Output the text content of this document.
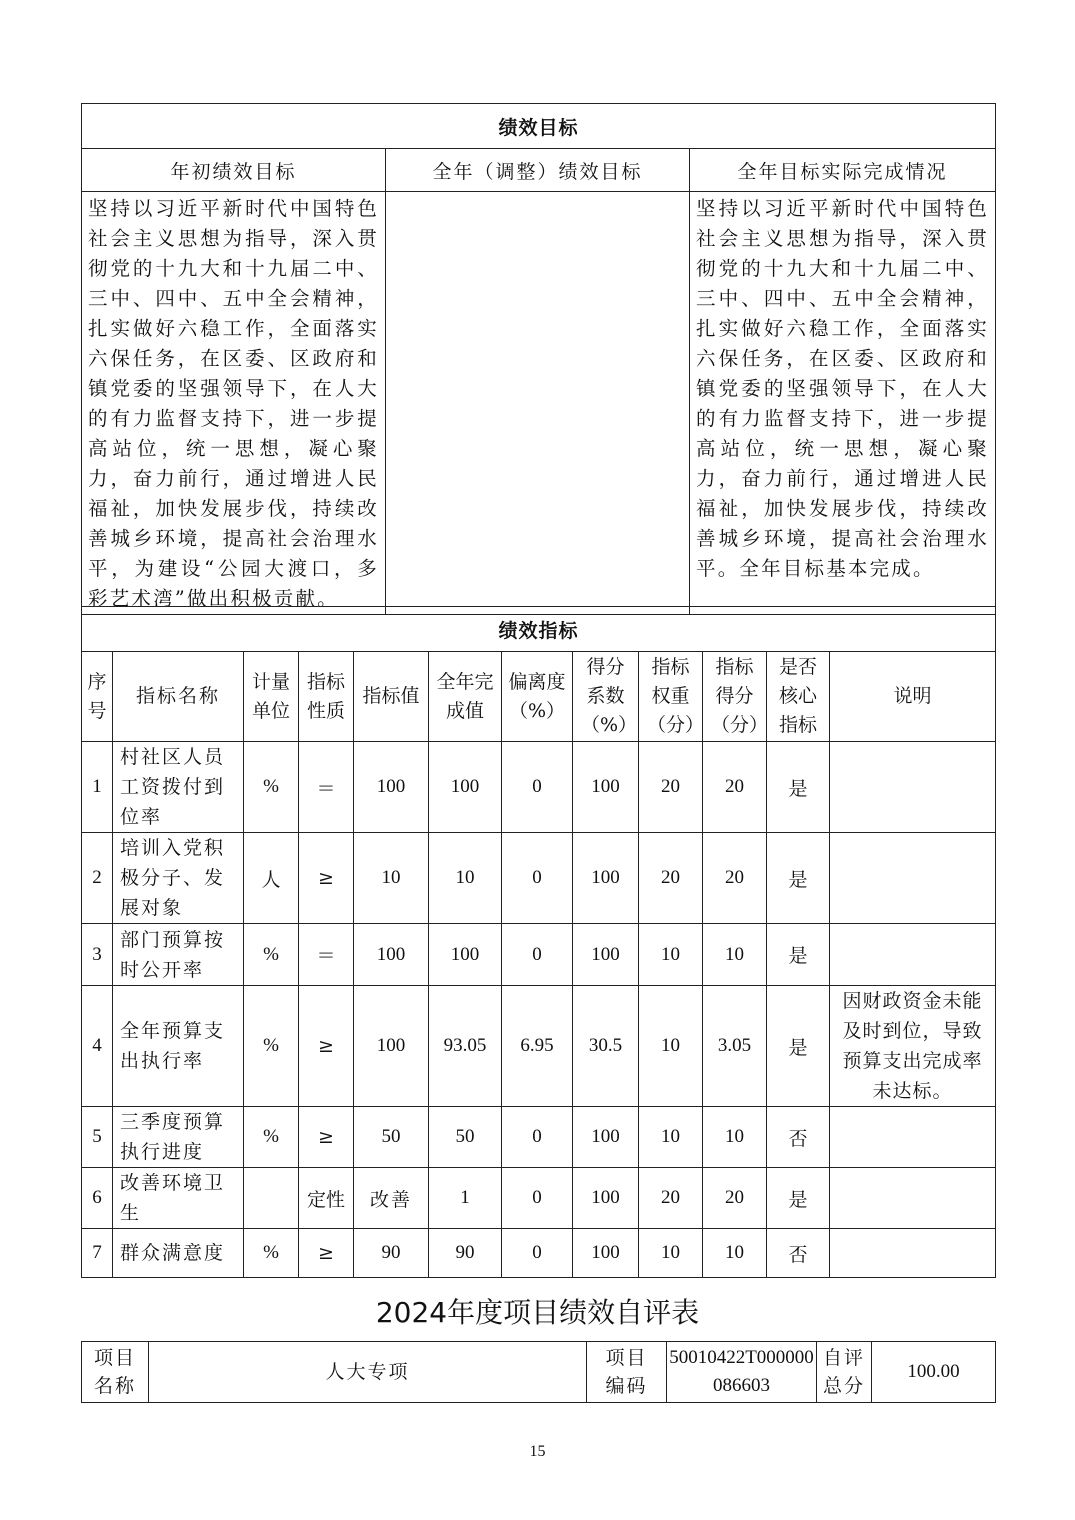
绩效目标		
年初绩效目标	全年（调整）绩效目标	全年目标实际完成情况
坚持以习近平新时代中国特色社会主义思想为指导，深入贯彻党的十九大和十九届二中、三中、四中、五中全会精神，扎实做好六稳工作，全面落实六保任务，在区委、区政府和镇党委的坚强领导下，在人大的有力监督支持下，进一步提高站位，统一思想，凝心聚力，奋力前行，通过增进人民福祉，加快发展步伐，持续改善城乡环境，提高社会治理水平，为建设“公园大渡口，多彩艺术湾”做出积极贡献。		坚持以习近平新时代中国特色社会主义思想为指导，深入贯彻党的十九大和十九届二中、三中、四中、五中全会精神，扎实做好六稳工作，全面落实六保任务，在区委、区政府和镇党委的坚强领导下，在人大的有力监督支持下，进一步提高站位，统一思想，凝心聚力，奋力前行，通过增进人民福祉，加快发展步伐，持续改善城乡环境，提高社会治理水平。全年目标基本完成。
绩效指标											
序号	指标名称	计量单位	指标性质	指标值	全年完成值	偏离度（%）	得分系数（%）	指标权重（分）	指标得分（分）	是否核心指标	说明
1	村社区人员工资拨付到位率	%	＝	100	100	0	100	20	20	是	
2	培训入党积极分子、发展对象	人	≥	10	10	0	100	20	20	是	
3	部门预算按时公开率	%	＝	100	100	0	100	10	10	是	
4	全年预算支出执行率	%	≥	100	93.05	6.95	30.5	10	3.05	是	因财政资金未能及时到位，导致预算支出完成率未达标。
5	三季度预算执行进度	%	≥	50	50	0	100	10	10	否	
6	改善环境卫生		定性	改善	1	0	100	20	20	是	
7	群众满意度	%	≥	90	90	0	100	10	10	否	
2024年度项目绩效自评表
项目名称	人大专项	项目编码	50010422T000000086603	自评总分	100.00
15
